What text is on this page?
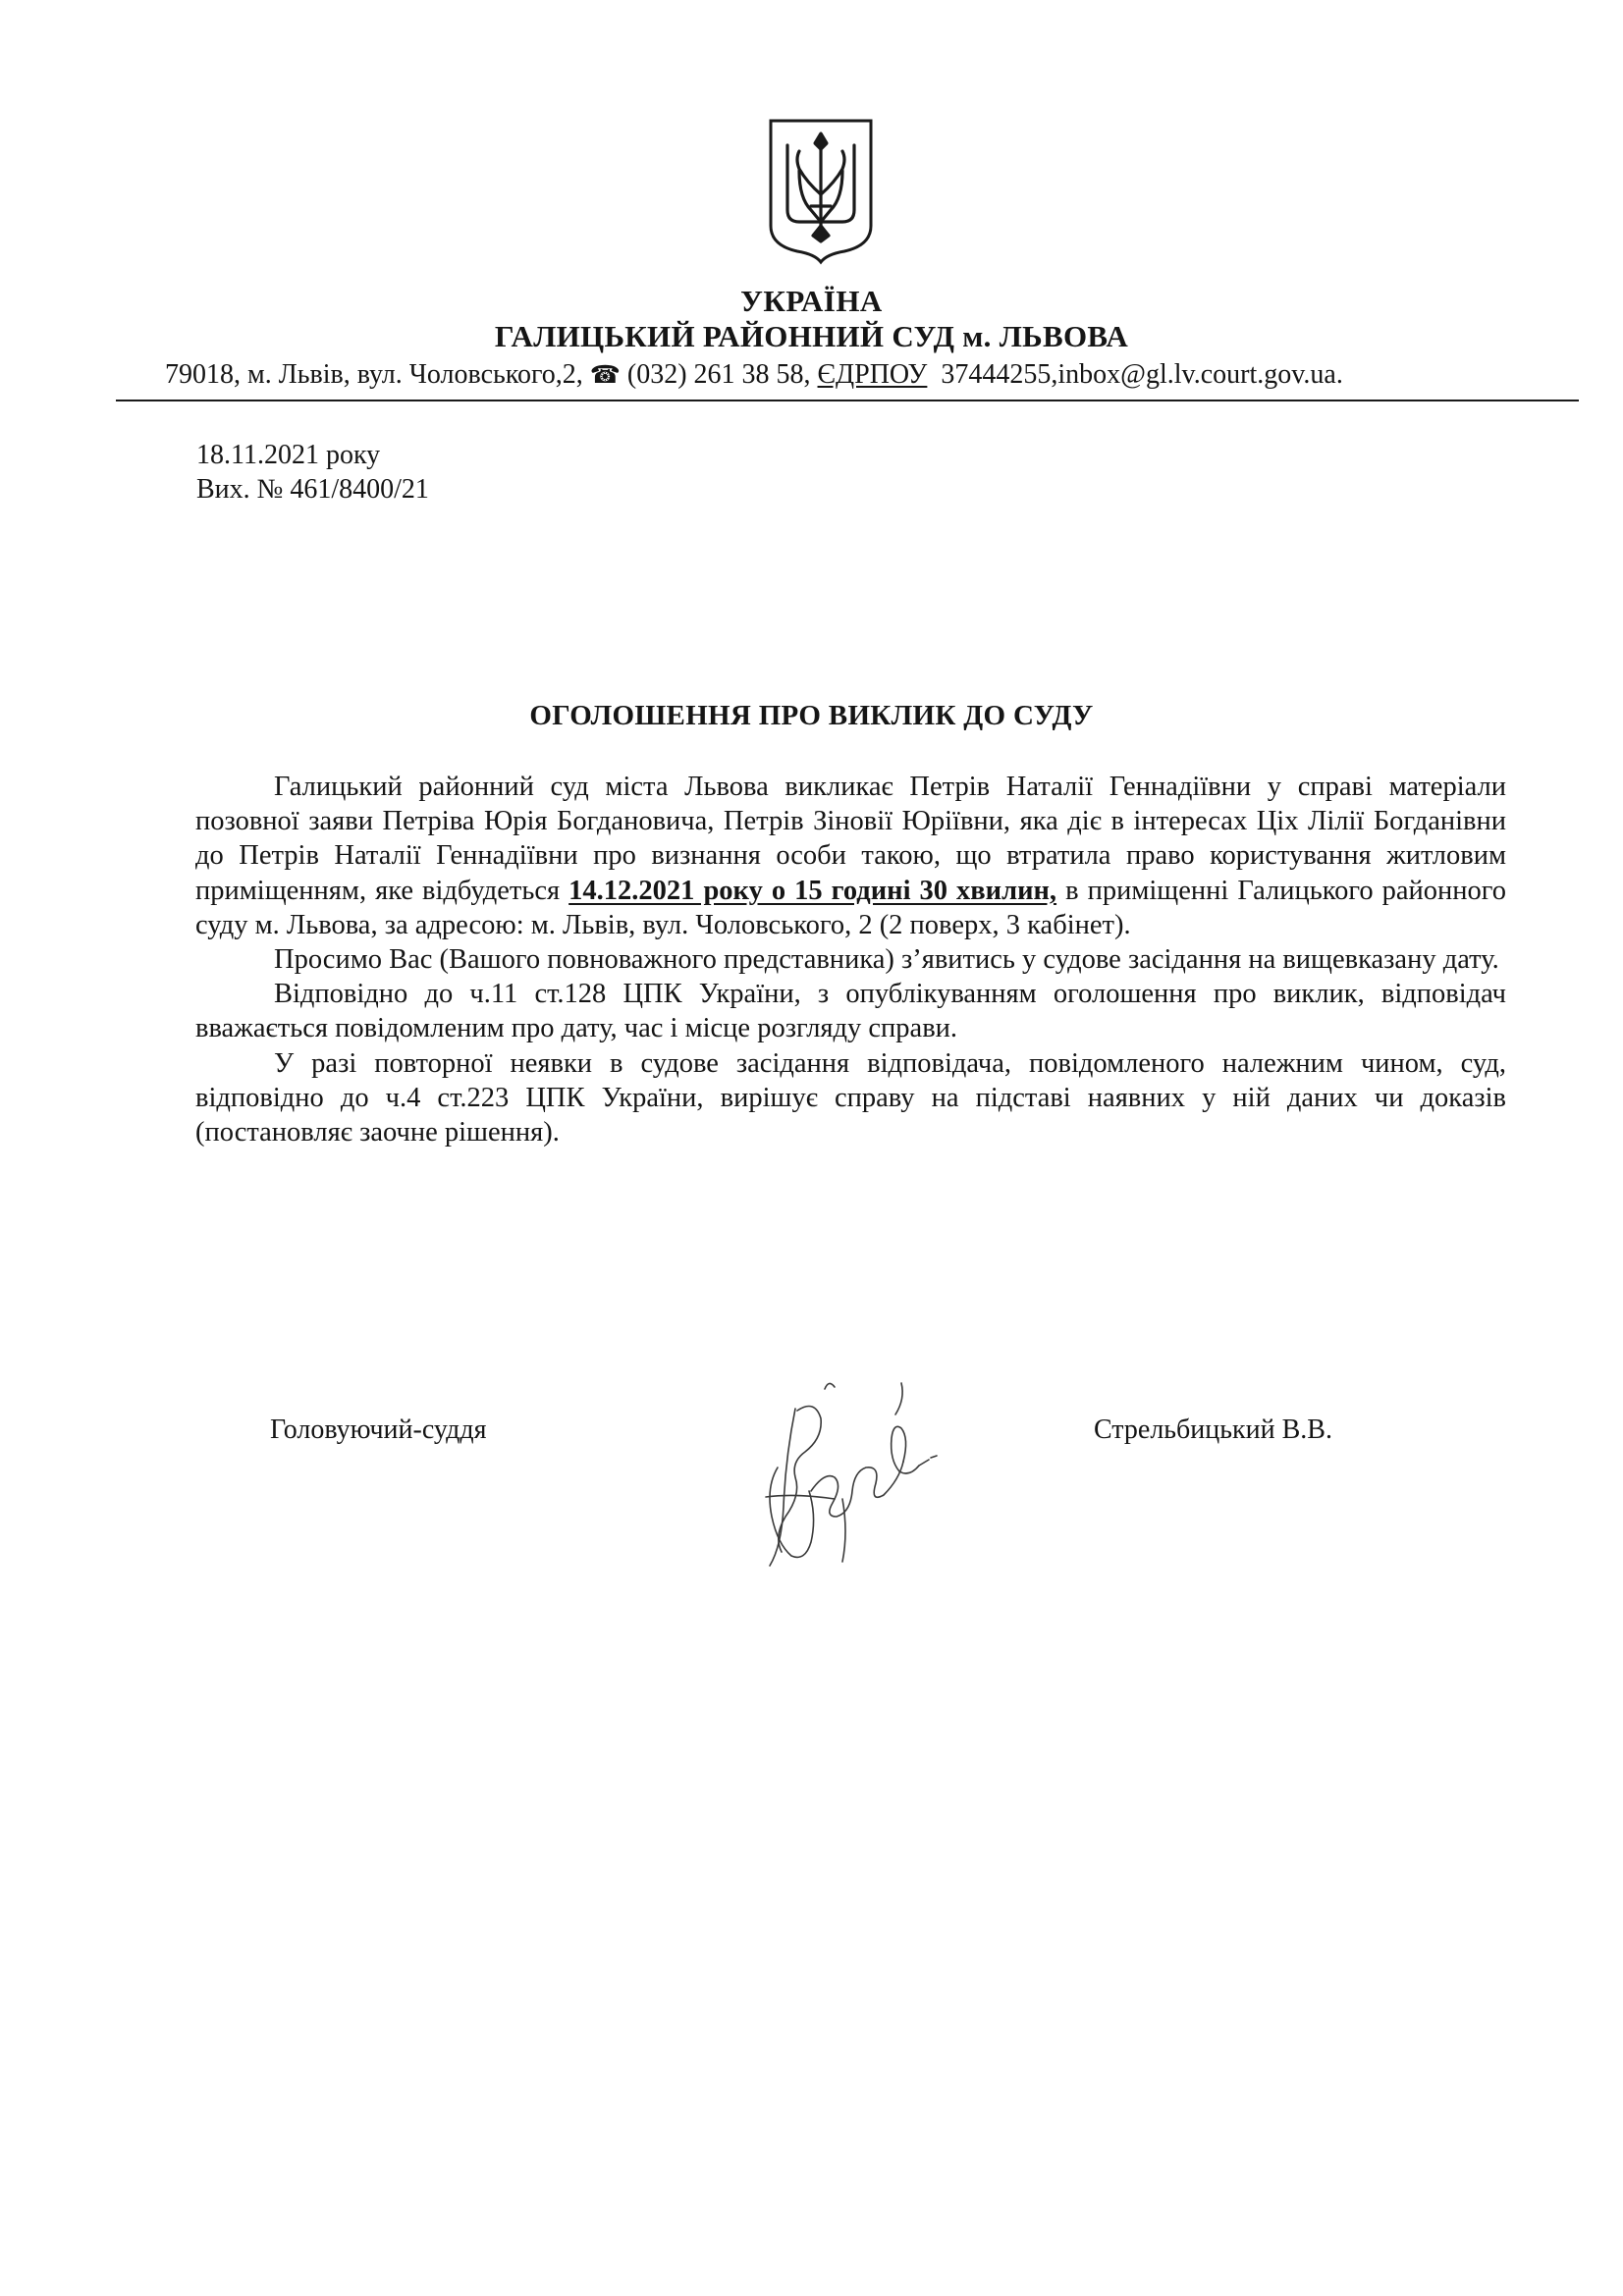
УКРАЇНА
ГАЛИЦЬКИЙ РАЙОННИЙ СУД м. ЛЬВОВА
79018, м. Львів, вул. Чоловського,2, ☎ (032) 261 38 58, ЄДРПОУ 37444255,inbox@gl.lv.court.gov.ua.
18.11.2021 року
Вих. № 461/8400/21
ОГОЛОШЕННЯ ПРО ВИКЛИК ДО СУДУ

Галицький районний суд міста Львова викликає Петрів Наталії Геннадіївни у справі матеріали позовної заяви Петріва Юрія Богдановича, Петрів Зіновії Юріївни, яка діє в інтересах Ціх Лілії Богданівни до Петрів Наталії Геннадіївни про визнання особи такою, що втратила право користування житловим приміщенням, яке відбудеться 14.12.2021 року о 15 годині 30 хвилин, в приміщенні Галицького районного суду м. Львова, за адресою: м. Львів, вул. Чоловського, 2 (2 поверх, 3 кабінет).

Просимо Вас (Вашого повноважного представника) з’явитись у судове засідання на вищевказану дату.

Відповідно до ч.11 ст.128 ЦПК України, з опублікуванням оголошення про виклик, відповідач вважається повідомленим про дату, час і місце розгляду справи.

У разі повторної неявки в судове засідання відповідача, повідомленого належним чином, суд, відповідно до ч.4 ст.223 ЦПК України, вирішує справу на підставі наявних у ній даних чи доказів (постановляє заочне рішення).

Головуючий-суддя	Стрельбицький В.В.
